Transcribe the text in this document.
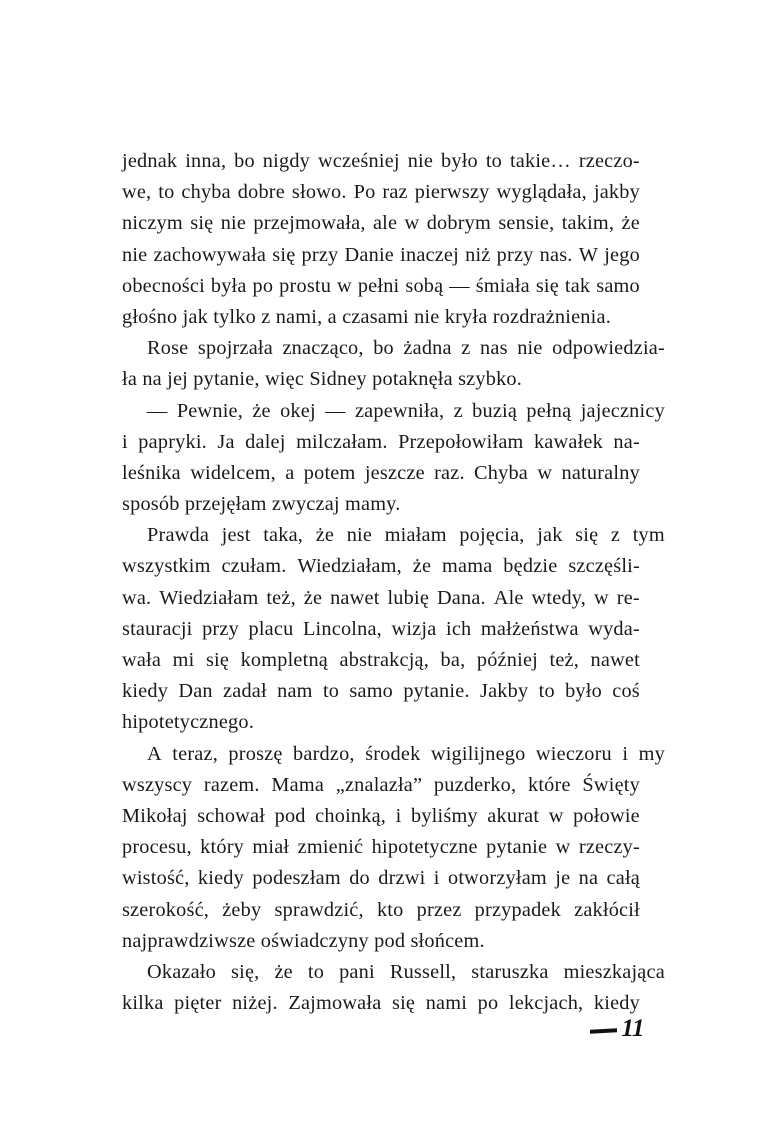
jednak inna, bo nigdy wcześniej nie było to takie… rzeczo-
we, to chyba dobre słowo. Po raz pierwszy wyglądała, jakby
niczym się nie przejmowała, ale w dobrym sensie, takim, że
nie zachowywała się przy Danie inaczej niż przy nas. W jego
obecności była po prostu w pełni sobą — śmiała się tak samo
głośno jak tylko z nami, a czasami nie kryła rozdrażnienia.

Rose spojrzała znacząco, bo żadna z nas nie odpowiedzia-
ła na jej pytanie, więc Sidney potaknęła szybko.

— Pewnie, że okej — zapewniła, z buzią pełną jajecznicy
i papryki. Ja dalej milczałam. Przepołowiłam kawałek na-
leśnika widelcem, a potem jeszcze raz. Chyba w naturalny
sposób przejęłam zwyczaj mamy.

Prawda jest taka, że nie miałam pojęcia, jak się z tym
wszystkim czułam. Wiedziałam, że mama będzie szczęśli-
wa. Wiedziałam też, że nawet lubię Dana. Ale wtedy, w re-
stauracji przy placu Lincolna, wizja ich małżeństwa wyda-
wała mi się kompletną abstrakcją, ba, później też, nawet
kiedy Dan zadał nam to samo pytanie. Jakby to było coś
hipotetycznego.

A teraz, proszę bardzo, środek wigilijnego wieczoru i my
wszyscy razem. Mama „znalazła” puzderko, które Święty
Mikołaj schował pod choinką, i byliśmy akurat w połowie
procesu, który miał zmienić hipotetyczne pytanie w rzeczy-
wistość, kiedy podeszłam do drzwi i otworzyłam je na całą
szerokość, żeby sprawdzić, kto przez przypadek zakłócił
najprawdziwsze oświadczyny pod słońcem.

Okazało się, że to pani Russell, staruszka mieszkająca
kilka pięter niżej. Zajmowała się nami po lekcjach, kiedy

11
